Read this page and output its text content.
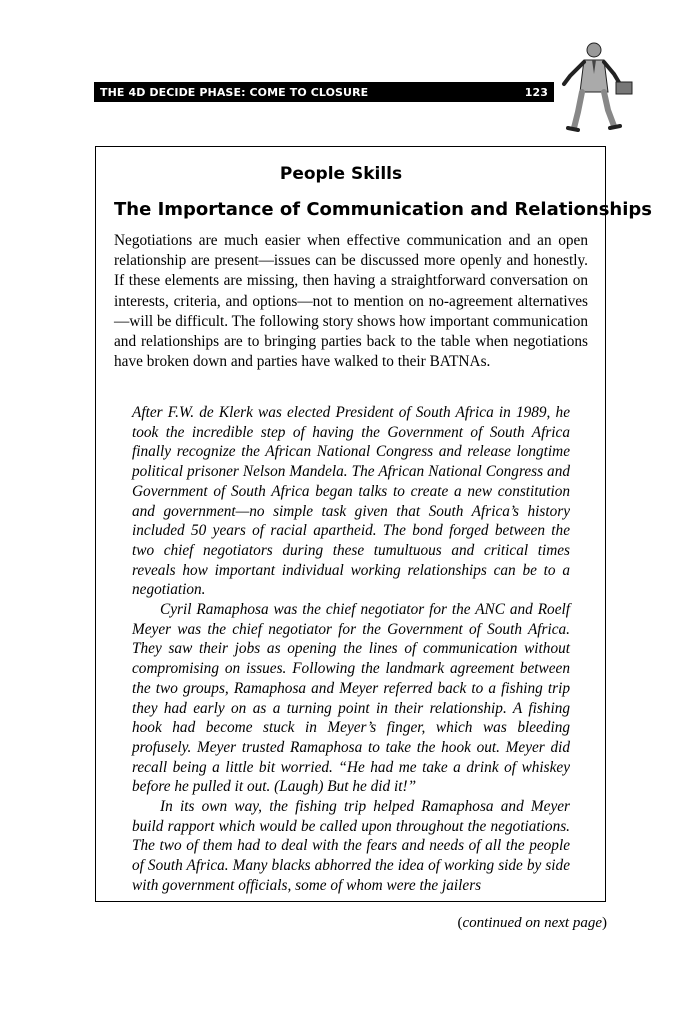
THE 4D DECIDE PHASE: COME TO CLOSURE	123
People Skills
The Importance of Communication and Relationships

Negotiations are much easier when effective communication and an open relationship are present—issues can be discussed more openly and honestly. If these elements are missing, then having a straightforward conversation on interests, criteria, and options—not to mention on no-agreement alternatives—will be difficult. The following story shows how important communication and relationships are to bringing parties back to the table when negotiations have broken down and parties have walked to their BATNAs.

After F.W. de Klerk was elected President of South Africa in 1989, he took the incredible step of having the Government of South Africa finally recognize the African National Congress and release longtime political prisoner Nelson Mandela. The African National Congress and Government of South Africa began talks to create a new constitution and government—no simple task given that South Africa’s history included 50 years of racial apartheid. The bond forged between the two chief negotiators during these tumultuous and critical times reveals how important individual working relationships can be to a negotiation.

Cyril Ramaphosa was the chief negotiator for the ANC and Roelf Meyer was the chief negotiator for the Government of South Africa. They saw their jobs as opening the lines of communication without compromising on issues. Following the landmark agreement between the two groups, Ramaphosa and Meyer referred back to a fishing trip they had early on as a turning point in their relationship. A fishing hook had become stuck in Meyer’s finger, which was bleeding profusely. Meyer trusted Ramaphosa to take the hook out. Meyer did recall being a little bit worried. “He had me take a drink of whiskey before he pulled it out. (Laugh) But he did it!”

In its own way, the fishing trip helped Ramaphosa and Meyer build rapport which would be called upon throughout the negotiations. The two of them had to deal with the fears and needs of all the people of South Africa. Many blacks abhorred the idea of working side by side with government officials, some of whom were the jailers

(continued on next page)
